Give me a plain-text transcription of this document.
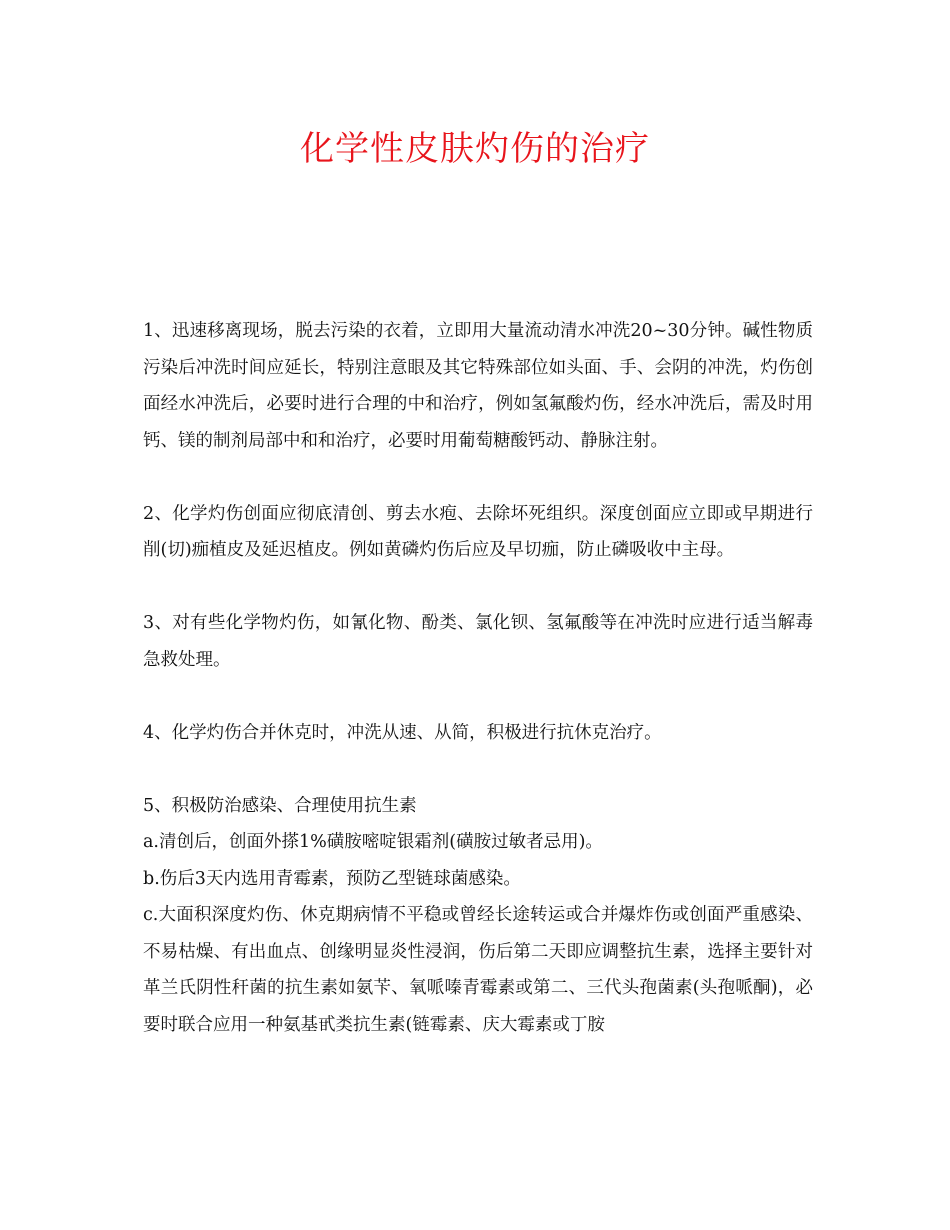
化学性皮肤灼伤的治疗

1、迅速移离现场，脱去污染的衣着，立即用大量流动清水冲洗20~30分钟。碱性物质污染后冲洗时间应延长，特别注意眼及其它特殊部位如头面、手、会阴的冲洗，灼伤创面经水冲洗后，必要时进行合理的中和治疗，例如氢氟酸灼伤，经水冲洗后，需及时用钙、镁的制剂局部中和和治疗，必要时用葡萄糖酸钙动、静脉注射。

2、化学灼伤创面应彻底清创、剪去水疱、去除坏死组织。深度创面应立即或早期进行削(切)痂植皮及延迟植皮。例如黄磷灼伤后应及早切痂，防止磷吸收中主母。

3、对有些化学物灼伤，如氰化物、酚类、氯化钡、氢氟酸等在冲洗时应进行适当解毒急救处理。

4、化学灼伤合并休克时，冲洗从速、从简，积极进行抗休克治疗。

5、积极防治感染、合理使用抗生素

a.清创后，创面外搽1%磺胺嘧啶银霜剂(磺胺过敏者忌用)。

b.伤后3天内选用青霉素，预防乙型链球菌感染。

c.大面积深度灼伤、休克期病情不平稳或曾经长途转运或合并爆炸伤或创面严重感染、不易枯燥、有出血点、创缘明显炎性浸润，伤后第二天即应调整抗生素，选择主要针对革兰氏阴性秆菌的抗生素如氨苄、氧哌嗪青霉素或第二、三代头孢菌素(头孢哌酮)，必要时联合应用一种氨基甙类抗生素(链霉素、庆大霉素或丁胺
